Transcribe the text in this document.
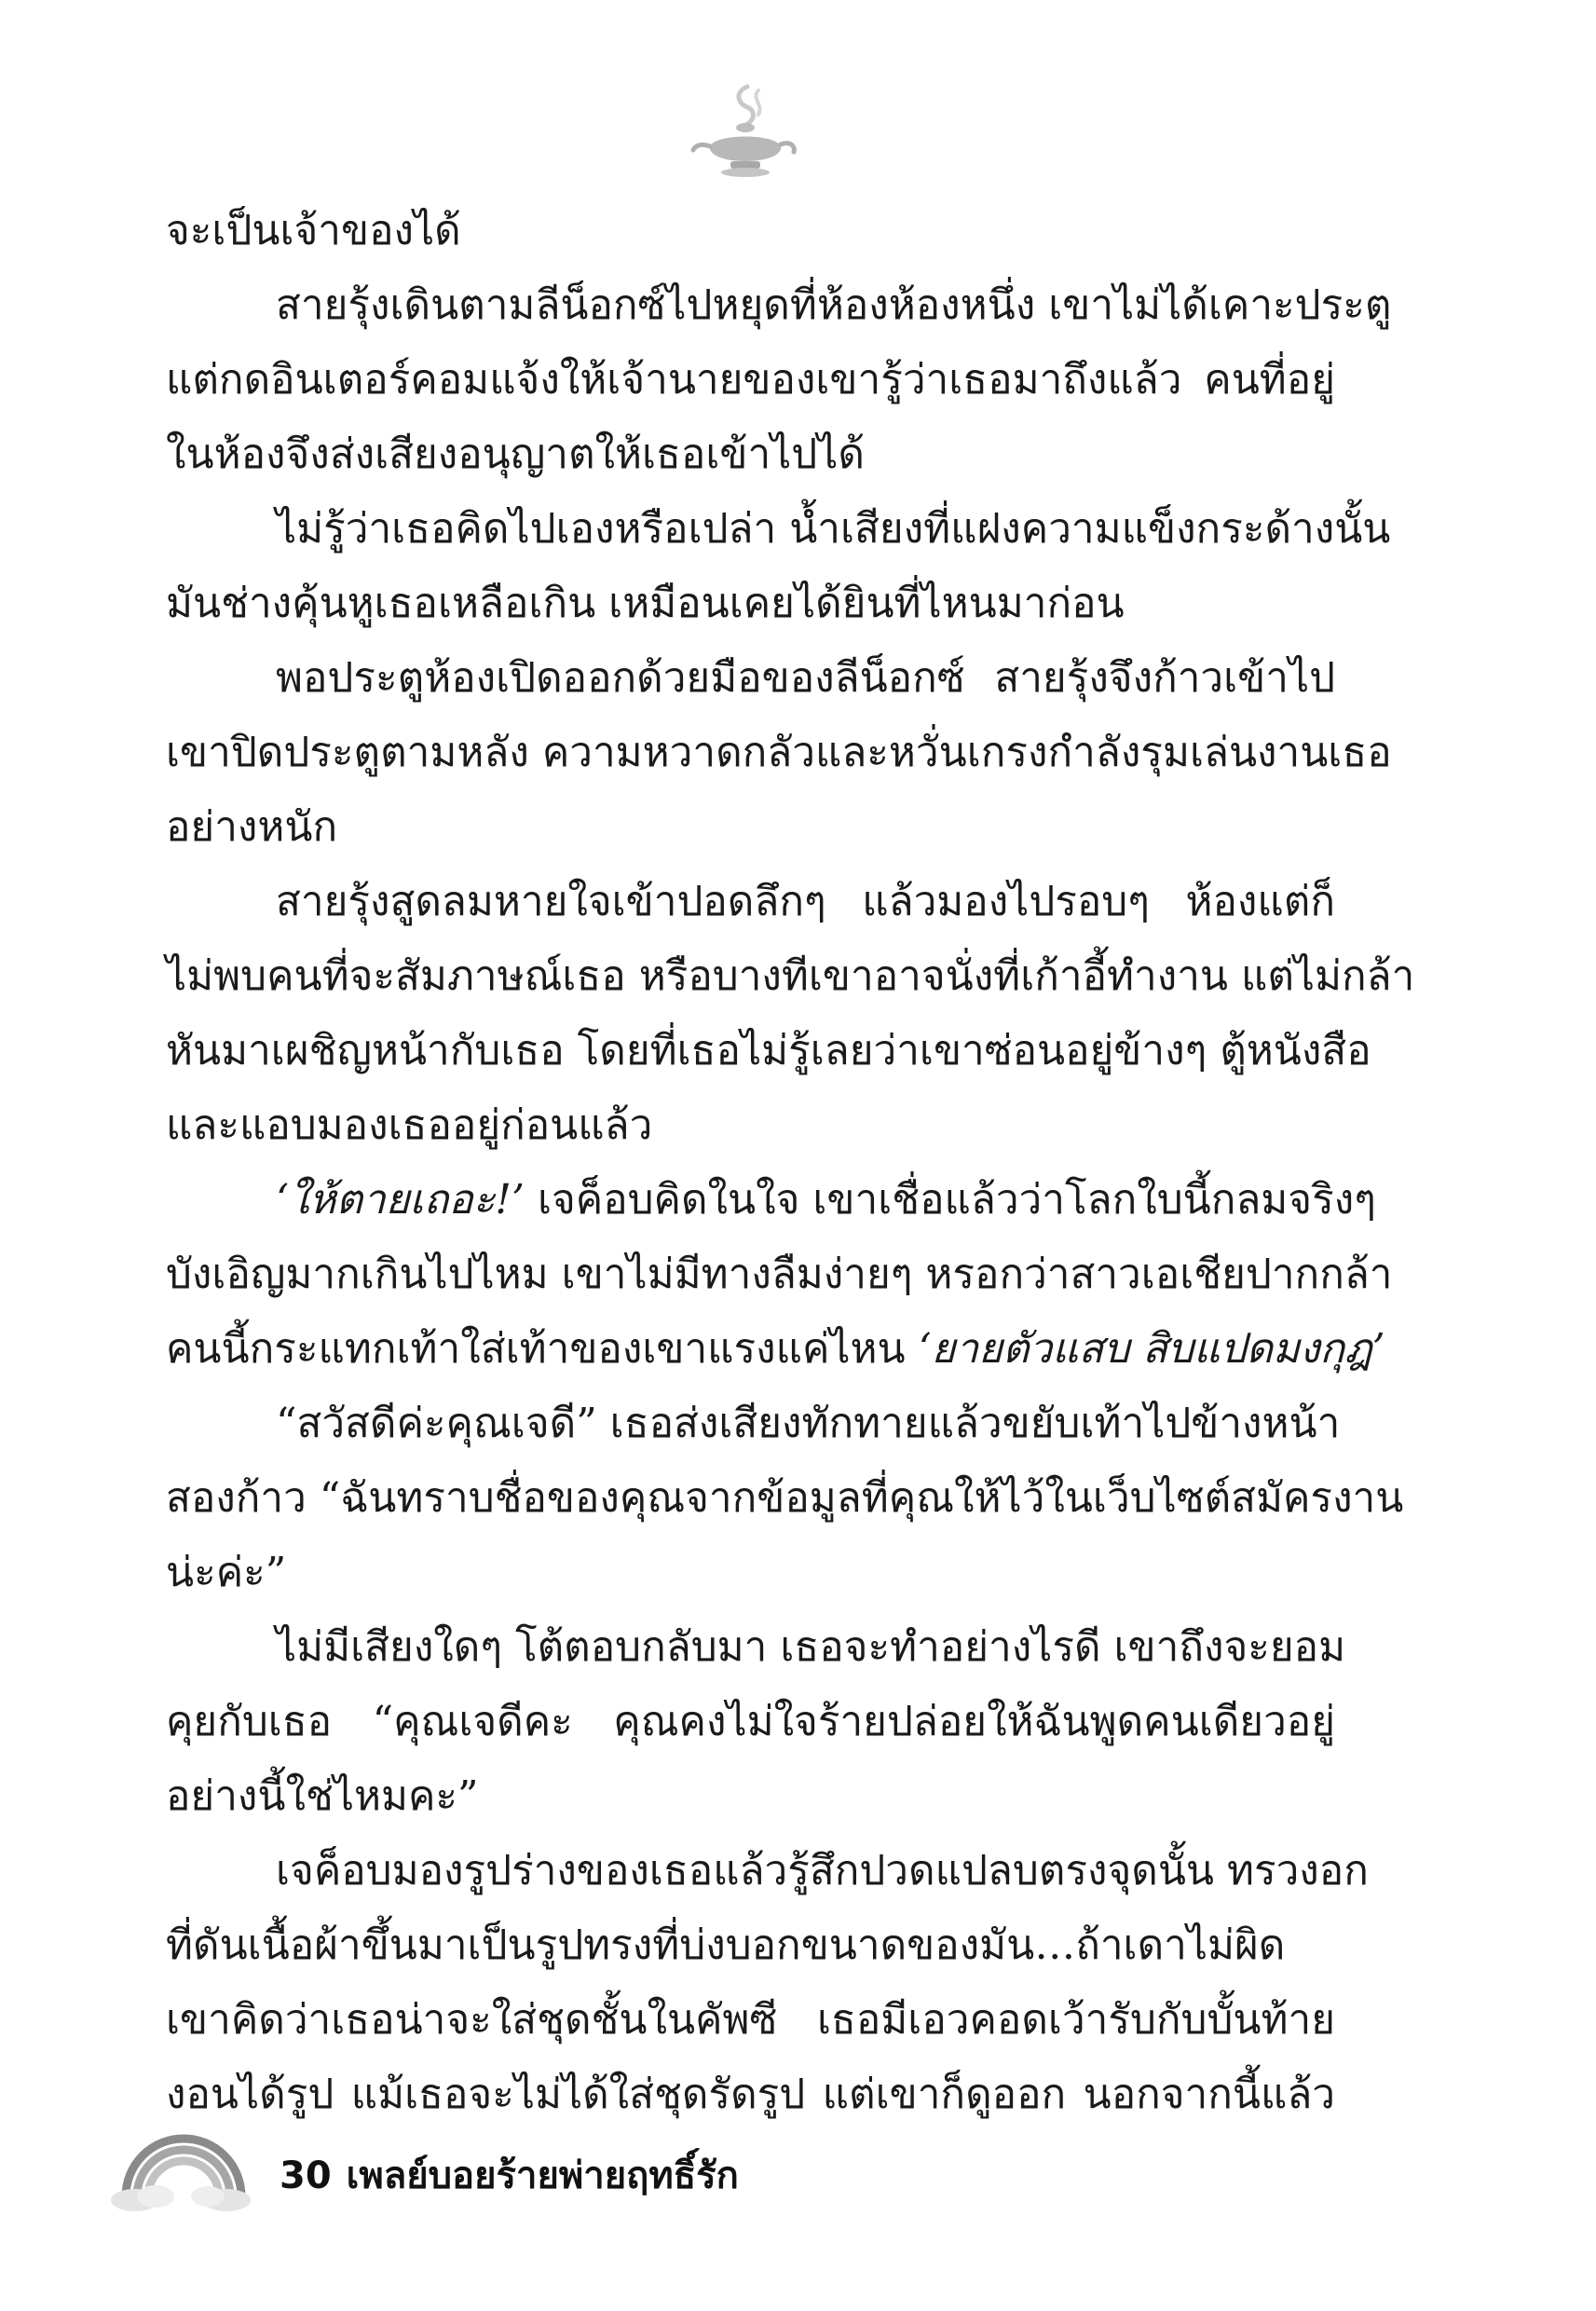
จะเป็นเจ้าของได้
สายรุ้งเดินตามลีน็อกซ์ไปหยุดที่ห้องห้องหนึ่ง เขาไม่ได้เคาะประตู
แต่กดอินเตอร์คอมแจ้งให้เจ้านายของเขารู้ว่าเธอมาถึงแล้ว คนที่อยู่
ในห้องจึงส่งเสียงอนุญาตให้เธอเข้าไปได้
ไม่รู้ว่าเธอคิดไปเองหรือเปล่า น้ำเสียงที่แฝงความแข็งกระด้างนั้น
มันช่างคุ้นหูเธอเหลือเกิน เหมือนเคยได้ยินที่ไหนมาก่อน
พอประตูห้องเปิดออกด้วยมือของลีน็อกซ์ สายรุ้งจึงก้าวเข้าไป
เขาปิดประตูตามหลัง ความหวาดกลัวและหวั่นเกรงกำลังรุมเล่นงานเธอ
อย่างหนัก
สายรุ้งสูดลมหายใจเข้าปอดลึกๆ แล้วมองไปรอบๆ ห้องแต่ก็
ไม่พบคนที่จะสัมภาษณ์เธอ หรือบางทีเขาอาจนั่งที่เก้าอี้ทำงาน แต่ไม่กล้า
หันมาเผชิญหน้ากับเธอ โดยที่เธอไม่รู้เลยว่าเขาซ่อนอยู่ข้างๆ ตู้หนังสือ
และแอบมองเธออยู่ก่อนแล้ว
‘ให้ตายเถอะ!’ เจค็อบคิดในใจ เขาเชื่อแล้วว่าโลกใบนี้กลมจริงๆ
บังเอิญมากเกินไปไหม เขาไม่มีทางลืมง่ายๆ หรอกว่าสาวเอเชียปากกล้า
คนนี้กระแทกเท้าใส่เท้าของเขาแรงแค่ไหน ‘ยายตัวแสบ สิบแปดมงกุฎ’
“สวัสดีค่ะคุณเจดี” เธอส่งเสียงทักทายแล้วขยับเท้าไปข้างหน้า
สองก้าว “ฉันทราบชื่อของคุณจากข้อมูลที่คุณให้ไว้ในเว็บไซต์สมัครงาน
น่ะค่ะ”
ไม่มีเสียงใดๆ โต้ตอบกลับมา เธอจะทำอย่างไรดี เขาถึงจะยอม
คุยกับเธอ “คุณเจดีคะ คุณคงไม่ใจร้ายปล่อยให้ฉันพูดคนเดียวอยู่
อย่างนี้ใช่ไหมคะ”
เจค็อบมองรูปร่างของเธอแล้วรู้สึกปวดแปลบตรงจุดนั้น ทรวงอก
ที่ดันเนื้อผ้าขึ้นมาเป็นรูปทรงที่บ่งบอกขนาดของมัน…ถ้าเดาไม่ผิด
เขาคิดว่าเธอน่าจะใส่ชุดชั้นในคัพซี เธอมีเอวคอดเว้ารับกับบั้นท้าย
งอนได้รูป แม้เธอจะไม่ได้ใส่ชุดรัดรูป แต่เขาก็ดูออก นอกจากนี้แล้ว
30 เพลย์บอยร้ายพ่ายฤทธิ์รัก
